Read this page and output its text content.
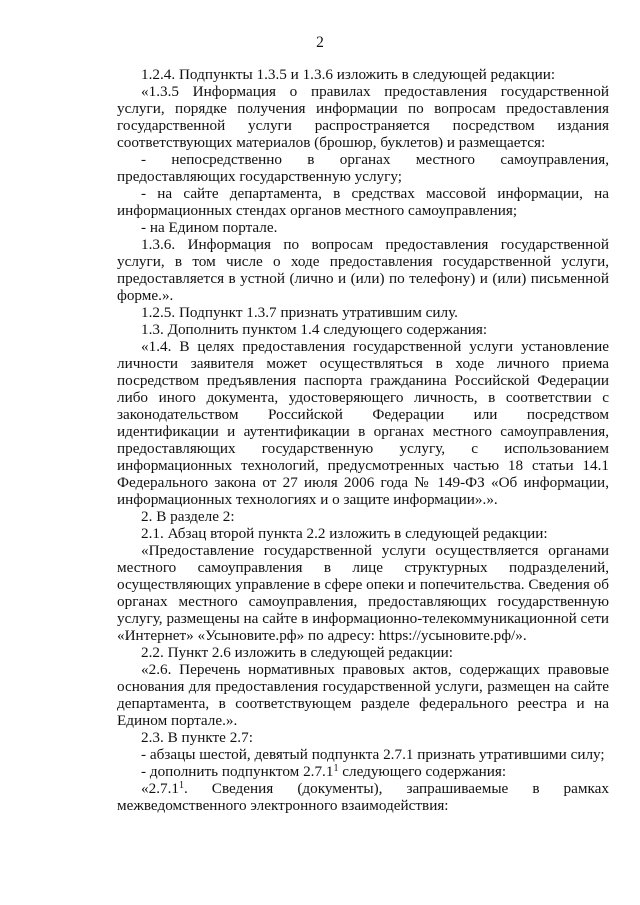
2

1.2.4. Подпункты 1.3.5 и 1.3.6 изложить в следующей редакции:

«1.3.5 Информация о правилах предоставления государственной услуги, порядке получения информации по вопросам предоставления государственной услуги распространяется посредством издания соответствующих материалов (брошюр, буклетов) и размещается:

- непосредственно в органах местного самоуправления, предоставляющих государственную услугу;

- на сайте департамента, в средствах массовой информации, на информационных стендах органов местного самоуправления;

- на Едином портале.

1.3.6. Информация по вопросам предоставления государственной услуги, в том числе о ходе предоставления государственной услуги, предоставляется в устной (лично и (или) по телефону) и (или) письменной форме.».

1.2.5. Подпункт 1.3.7 признать утратившим силу.

1.3. Дополнить пунктом 1.4 следующего содержания:

«1.4. В целях предоставления государственной услуги установление личности заявителя может осуществляться в ходе личного приема посредством предъявления паспорта гражданина Российской Федерации либо иного документа, удостоверяющего личность, в соответствии с законодательством Российской Федерации или посредством идентификации и аутентификации в органах местного самоуправления, предоставляющих государственную услугу, с использованием информационных технологий, предусмотренных частью 18 статьи 14.1 Федерального закона от 27 июля 2006 года № 149-ФЗ «Об информации, информационных технологиях и о защите информации».».

2. В разделе 2:

2.1. Абзац второй пункта 2.2 изложить в следующей редакции:

«Предоставление государственной услуги осуществляется органами местного самоуправления в лице структурных подразделений, осуществляющих управление в сфере опеки и попечительства. Сведения об органах местного самоуправления, предоставляющих государственную услугу, размещены на сайте в информационно-телекоммуникационной сети «Интернет» «Усыновите.рф» по адресу: https://усыновите.рф/».

2.2. Пункт 2.6 изложить в следующей редакции:

«2.6. Перечень нормативных правовых актов, содержащих правовые основания для предоставления государственной услуги, размещен на сайте департамента, в соответствующем разделе федерального реестра и на Едином портале.».

2.3. В пункте 2.7:

- абзацы шестой, девятый подпункта 2.7.1 признать утратившими силу;

- дополнить подпунктом 2.7.1$^1$ следующего содержания:

«2.7.1$^1$. Сведения (документы), запрашиваемые в рамках межведомственного электронного взаимодействия:
